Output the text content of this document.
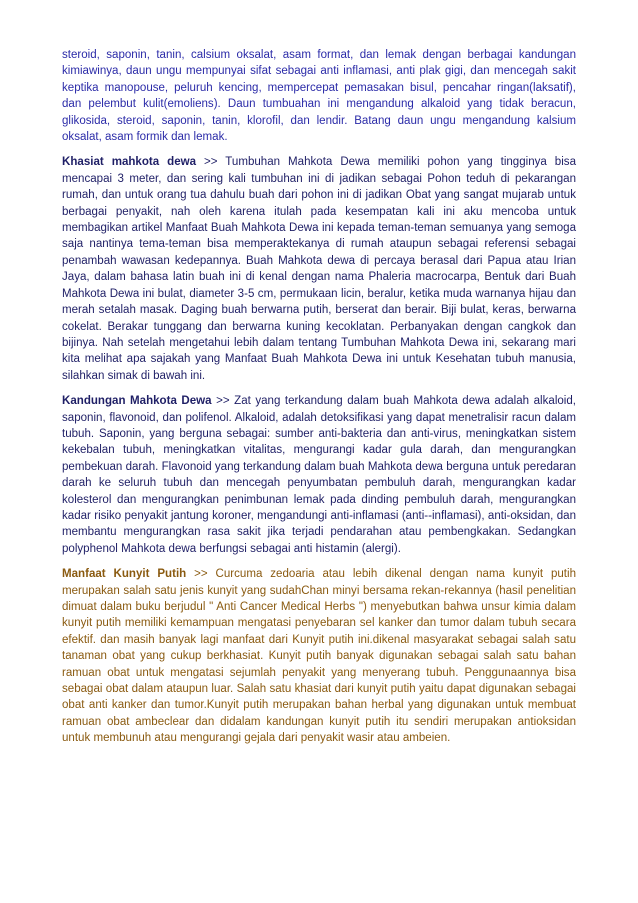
steroid, saponin, tanin, calsium oksalat, asam format, dan lemak dengan berbagai kandungan kimiawinya, daun ungu mempunyai sifat sebagai anti inflamasi, anti plak gigi, dan mencegah sakit keptika manopouse, peluruh kencing, mempercepat pemasakan bisul, pencahar ringan(laksatif), dan pelembut kulit(emoliens). Daun tumbuahan ini mengandung alkaloid yang tidak beracun, glikosida, steroid, saponin, tanin, klorofil, dan lendir. Batang daun ungu mengandung kalsium oksalat, asam formik dan lemak.

Khasiat mahkota dewa >> Tumbuhan Mahkota Dewa memiliki pohon yang tingginya bisa mencapai 3 meter, dan sering kali tumbuhan ini di jadikan sebagai Pohon teduh di pekarangan rumah, dan untuk orang tua dahulu buah dari pohon ini di jadikan Obat yang sangat mujarab untuk berbagai penyakit, nah oleh karena itulah pada kesempatan kali ini aku mencoba untuk membagikan artikel Manfaat Buah Mahkota Dewa ini kepada teman-teman semuanya yang semoga saja nantinya tema-teman bisa memperaktekanya di rumah ataupun sebagai referensi sebagai penambah wawasan kedepannya. Buah Mahkota dewa di percaya berasal dari Papua atau Irian Jaya, dalam bahasa latin buah ini di kenal dengan nama Phaleria macrocarpa, Bentuk dari Buah Mahkota Dewa ini bulat, diameter 3-5 cm, permukaan licin, beralur, ketika muda warnanya hijau dan merah setalah masak. Daging buah berwarna putih, berserat dan berair. Biji bulat, keras, berwarna cokelat. Berakar tunggang dan berwarna kuning kecoklatan. Perbanyakan dengan cangkok dan bijinya. Nah setelah mengetahui lebih dalam tentang Tumbuhan Mahkota Dewa ini, sekarang mari kita melihat apa sajakah yang Manfaat Buah Mahkota Dewa ini untuk Kesehatan tubuh manusia, silahkan simak di bawah ini.

Kandungan Mahkota Dewa >> Zat yang terkandung dalam buah Mahkota dewa adalah alkaloid, saponin, flavonoid, dan polifenol. Alkaloid, adalah detoksifikasi yang dapat menetralisir racun dalam tubuh. Saponin, yang berguna sebagai: sumber anti-bakteria dan anti-virus, meningkatkan sistem kekebalan tubuh, meningkatkan vitalitas, mengurangi kadar gula darah, dan mengurangkan pembekuan darah. Flavonoid yang terkandung dalam buah Mahkota dewa berguna untuk peredaran darah ke seluruh tubuh dan mencegah penyumbatan pembuluh darah, mengurangkan kadar kolesterol dan mengurangkan penimbunan lemak pada dinding pembuluh darah, mengurangkan kadar risiko penyakit jantung koroner, mengandungi anti-inflamasi (anti--inflamasi), anti-oksidan, dan membantu mengurangkan rasa sakit jika terjadi pendarahan atau pembengkakan. Sedangkan polyphenol Mahkota dewa berfungsi sebagai anti histamin (alergi).

Manfaat Kunyit Putih >> Curcuma zedoaria atau lebih dikenal dengan nama kunyit putih merupakan salah satu jenis kunyit yang sudahChan minyi bersama rekan-rekannya (hasil penelitian dimuat dalam buku berjudul " Anti Cancer Medical Herbs ") menyebutkan bahwa unsur kimia dalam kunyit putih memiliki kemampuan mengatasi penyebaran sel kanker dan tumor dalam tubuh secara efektif. dan masih banyak lagi manfaat dari Kunyit putih ini.dikenal masyarakat sebagai salah satu tanaman obat yang cukup berkhasiat. Kunyit putih banyak digunakan sebagai salah satu bahan ramuan obat untuk mengatasi sejumlah penyakit yang menyerang tubuh. Penggunaannya bisa sebagai obat dalam ataupun luar. Salah satu khasiat dari kunyit putih yaitu dapat digunakan sebagai obat anti kanker dan tumor.Kunyit putih merupakan bahan herbal yang digunakan untuk membuat ramuan obat ambeclear dan didalam kandungan kunyit putih itu sendiri merupakan antioksidan untuk membunuh atau mengurangi gejala dari penyakit wasir atau ambeien.
